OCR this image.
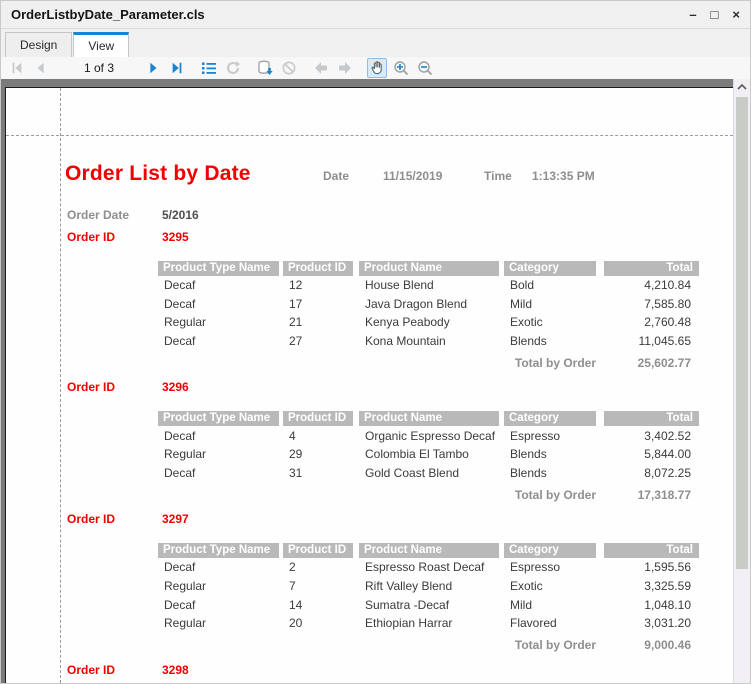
OrderListbyDate_Parameter.cls	– □ ×
Design	View
1 of 3
Order List by Date	Date	11/15/2019	Time	1:13:35 PM
Order Date	5/2016
Order ID	3295
Product Type Name	Product ID	Product Name	Category	Total
Decaf	12	House Blend	Bold	4,210.84
Decaf	17	Java Dragon Blend	Mild	7,585.80
Regular	21	Kenya Peabody	Exotic	2,760.48
Decaf	27	Kona Mountain	Blends	11,045.65
Total by Order	25,602.77
Order ID	3296
Product Type Name	Product ID	Product Name	Category	Total
Decaf	4	Organic Espresso Decaf	Espresso	3,402.52
Regular	29	Colombia El Tambo	Blends	5,844.00
Decaf	31	Gold Coast Blend	Blends	8,072.25
Total by Order	17,318.77
Order ID	3297
Product Type Name	Product ID	Product Name	Category	Total
Decaf	2	Espresso Roast Decaf	Espresso	1,595.56
Regular	7	Rift Valley Blend	Exotic	3,325.59
Decaf	14	Sumatra -Decaf	Mild	1,048.10
Regular	20	Ethiopian Harrar	Flavored	3,031.20
Total by Order	9,000.46
Order ID	3298
